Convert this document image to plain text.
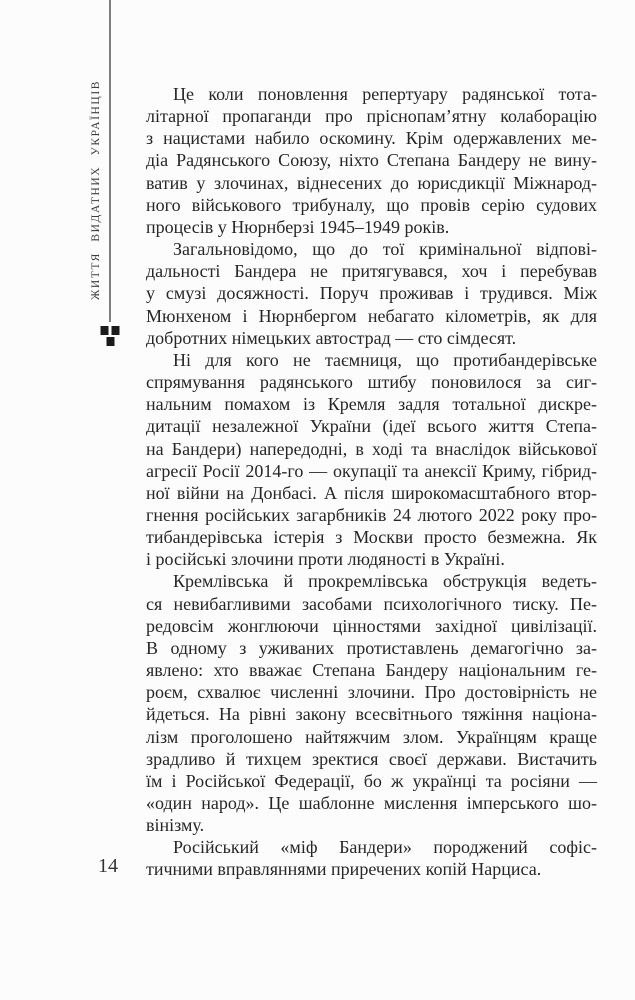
ЖИТТЯ ВИДАТНИХ УКРАЇНЦІВ
14
Це коли поновлення репертуару радянської тота-
літарної пропаганди про пріснопам’ятну колаборацію
з нацистами набило оскомину. Крім одержавлених ме-
діа Радянського Союзу, ніхто Степана Бандеру не вину-
ватив у злочинах, віднесених до юрисдикції Міжнарод-
ного військового трибуналу, що провів серію судових
процесів у Нюрнберзі 1945–1949 років.
Загальновідомо, що до тої кримінальної відпові-
дальності Бандера не притягувався, хоч і перебував
у смузі досяжності. Поруч проживав і трудився. Між
Мюнхеном і Нюрнбергом небагато кілометрів, як для
добротних німецьких автострад — сто сімдесят.
Ні для кого не таємниця, що протибандерівське
спрямування радянського штибу поновилося за сиг-
нальним помахом із Кремля задля тотальної дискре-
дитації незалежної України (ідеї всього життя Степа-
на Бандери) напередодні, в ході та внаслідок військової
агресії Росії 2014-го — окупації та анексії Криму, гібрид-
ної війни на Донбасі. А після широкомасштабного втор-
гнення російських загарбників 24 лютого 2022 року про-
тибандерівська істерія з Москви просто безмежна. Як
і російські злочини проти людяності в Україні.
Кремлівська й прокремлівська обструкція ведеть-
ся невибагливими засобами психологічного тиску. Пе-
редовсім жонглюючи цінностями західної цивілізації.
В одному з уживаних протиставлень демагогічно за-
явлено: хто вважає Степана Бандеру національним ге-
роєм, схвалює численні злочини. Про достовірність не
йдеться. На рівні закону всесвітнього тяжіння націона-
лізм проголошено найтяжчим злом. Українцям краще
зрадливо й тихцем зректися своєї держави. Вистачить
їм і Російської Федерації, бо ж українці та росіяни —
«один народ». Це шаблонне мислення імперського шо-
вінізму.
Російський «міф Бандери» породжений софіс-
тичними вправляннями приречених копій Нарциса.
